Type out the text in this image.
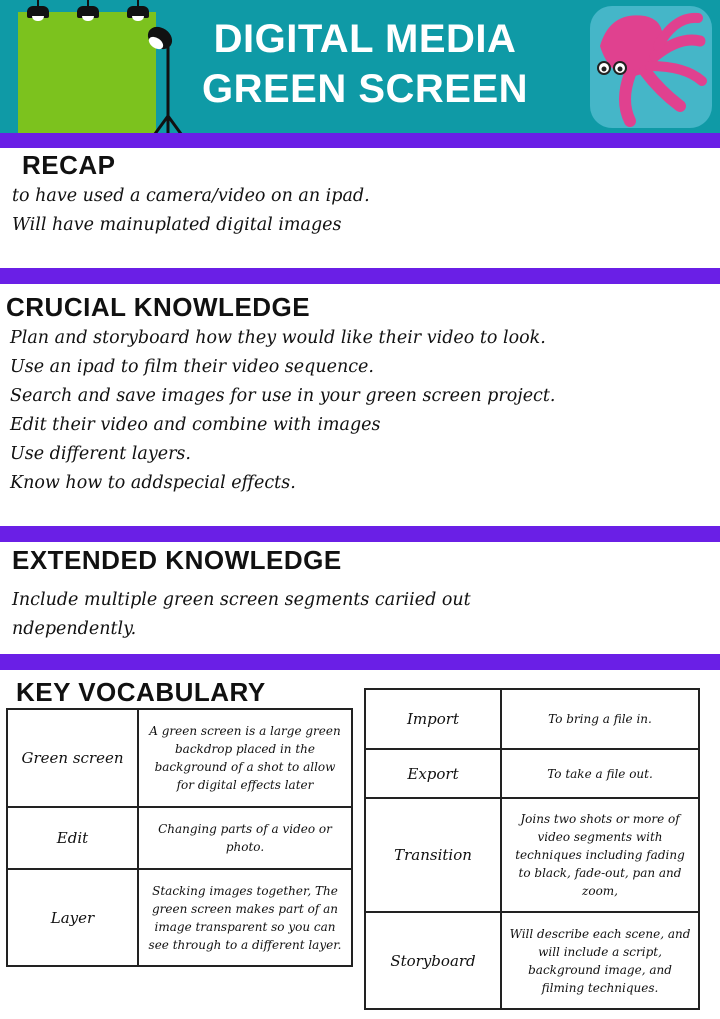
DIGITAL MEDIA
GREEN SCREEN
RECAP
to have used a camera/video on an ipad.
Will have mainuplated digital images
CRUCIAL KNOWLEDGE
Plan and storyboard how they would like their video to look.
Use an ipad to film their video sequence.
Search and save images for use in your green screen project.
Edit their video and combine with images
Use different layers.
Know how to addspecial effects.
EXTENDED KNOWLEDGE
Include multiple green screen segments cariied out
ndependently.
KEY VOCABULARY
Green screen	A green screen is a large green backdrop placed in the background of a shot to allow for digital effects later
Edit	Changing parts of a video or photo.
Layer	Stacking images together, The green screen makes part of an image transparent so you can see through to a different layer.
Import	To bring a file in.
Export	To take a file out.
Transition	Joins two shots or more of video segments with techniques including fading to black, fade-out, pan and zoom,
Storyboard	Will describe each scene, and will include a script, background image, and filming techniques.
